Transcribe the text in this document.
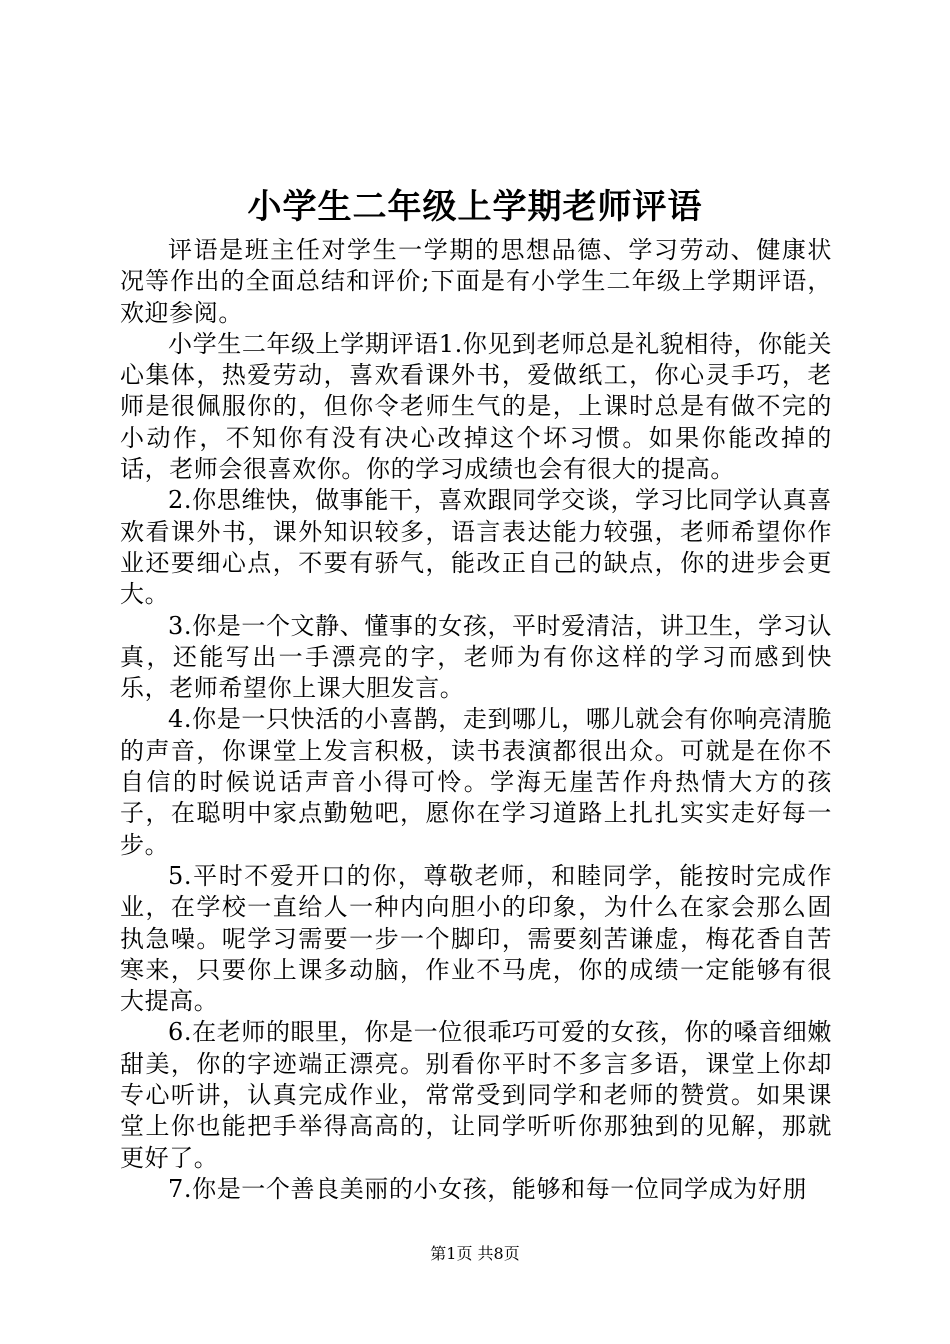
小学生二年级上学期老师评语

评语是班主任对学生一学期的思想品德、学习劳动、健康状况等作出的全面总结和评价;下面是有小学生二年级上学期评语，欢迎参阅。

小学生二年级上学期评语1.你见到老师总是礼貌相待，你能关心集体，热爱劳动，喜欢看课外书，爱做纸工，你心灵手巧，老师是很佩服你的，但你令老师生气的是，上课时总是有做不完的小动作，不知你有没有决心改掉这个坏习惯。如果你能改掉的话，老师会很喜欢你。你的学习成绩也会有很大的提高。

2.你思维快，做事能干，喜欢跟同学交谈，学习比同学认真喜欢看课外书，课外知识较多，语言表达能力较强，老师希望你作业还要细心点，不要有骄气，能改正自己的缺点，你的进步会更大。

3.你是一个文静、懂事的女孩，平时爱清洁，讲卫生，学习认真，还能写出一手漂亮的字，老师为有你这样的学习而感到快乐，老师希望你上课大胆发言。

4.你是一只快活的小喜鹊，走到哪儿，哪儿就会有你响亮清脆的声音，你课堂上发言积极，读书表演都很出众。可就是在你不自信的时候说话声音小得可怜。学海无崖苦作舟热情大方的孩子，在聪明中家点勤勉吧，愿你在学习道路上扎扎实实走好每一步。

5.平时不爱开口的你，尊敬老师，和睦同学，能按时完成作业，在学校一直给人一种内向胆小的印象，为什么在家会那么固执急噪。呢学习需要一步一个脚印，需要刻苦谦虚，梅花香自苦寒来，只要你上课多动脑，作业不马虎，你的成绩一定能够有很大提高。

6.在老师的眼里，你是一位很乖巧可爱的女孩，你的嗓音细嫩甜美，你的字迹端正漂亮。别看你平时不多言多语，课堂上你却专心听讲，认真完成作业，常常受到同学和老师的赞赏。如果课堂上你也能把手举得高高的，让同学听听你那独到的见解，那就更好了。

7.你是一个善良美丽的小女孩，能够和每一位同学成为好朋

第1页 共8页
